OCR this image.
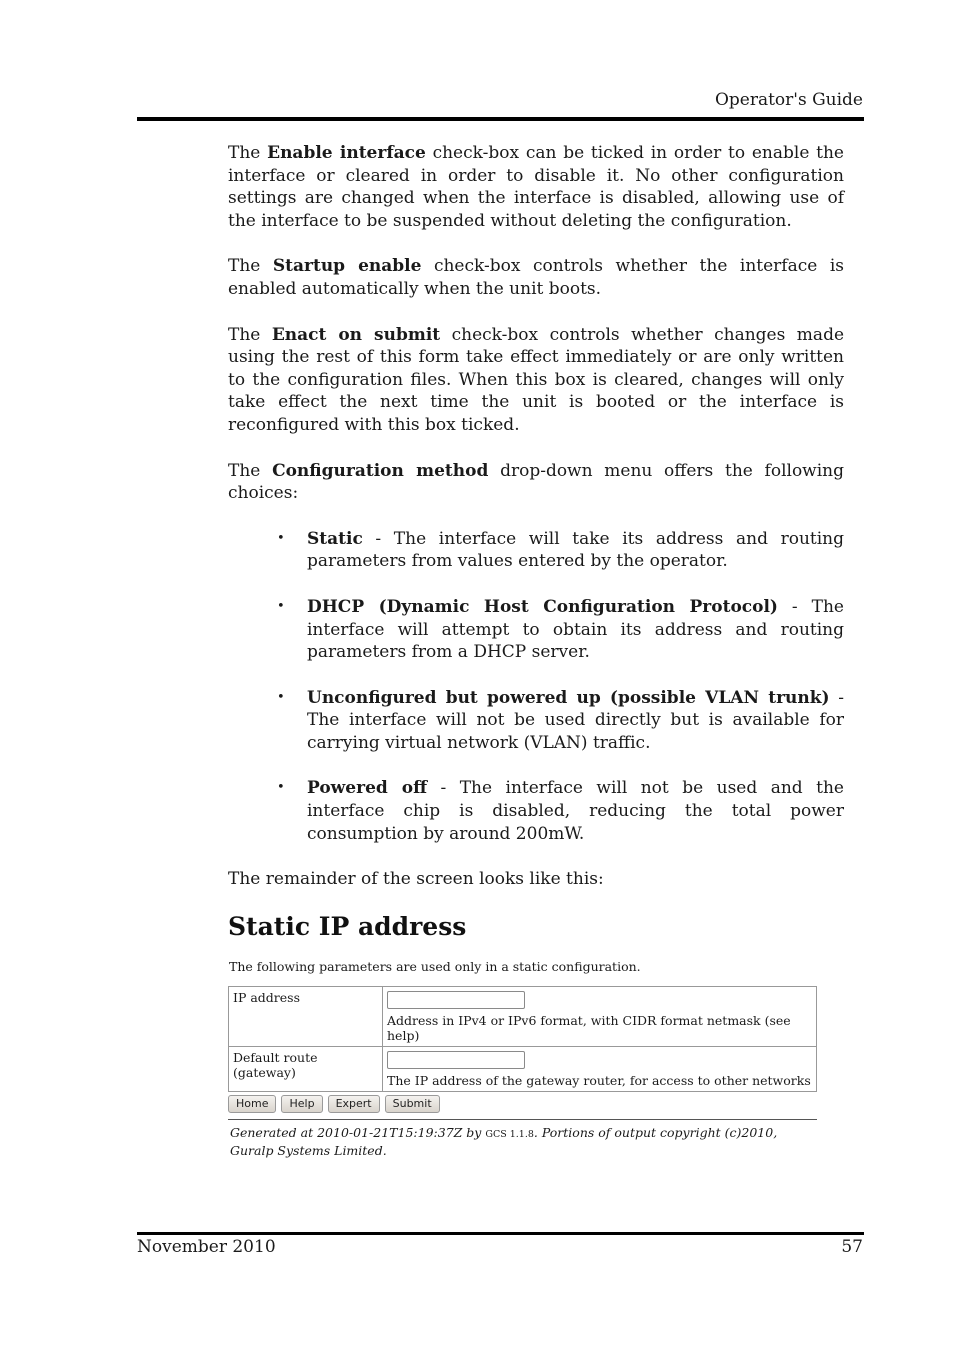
Operator's Guide

The Enable interface check-box can be ticked in order to enable the interface or cleared in order to disable it. No other configuration settings are changed when the interface is disabled, allowing use of the interface to be suspended without deleting the configuration.

The Startup enable check-box controls whether the interface is enabled automatically when the unit boots.

The Enact on submit check-box controls whether changes made using the rest of this form take effect immediately or are only written to the configuration files. When this box is cleared, changes will only take effect the next time the unit is booted or the interface is reconfigured with this box ticked.

The Configuration method drop-down menu offers the following choices:

• Static - The interface will take its address and routing parameters from values entered by the operator.
• DHCP (Dynamic Host Configuration Protocol) - The interface will attempt to obtain its address and routing parameters from a DHCP server.
• Unconfigured but powered up (possible VLAN trunk) - The interface will not be used directly but is available for carrying virtual network (VLAN) traffic.
• Powered off - The interface will not be used and the interface chip is disabled, reducing the total power consumption by around 200mW.

The remainder of the screen looks like this:

Static IP address
The following parameters are used only in a static configuration.
IP address	Address in IPv4 or IPv6 format, with CIDR format netmask (see help)

Default route (gateway)	The IP address of the gateway router, for access to other networks
Home	Help	Expert	Submit
Generated at 2010-01-21T15:19:37Z by GCS 1.1.8. Portions of output copyright (c)2010, Guralp Systems Limited.
November 2010	57
